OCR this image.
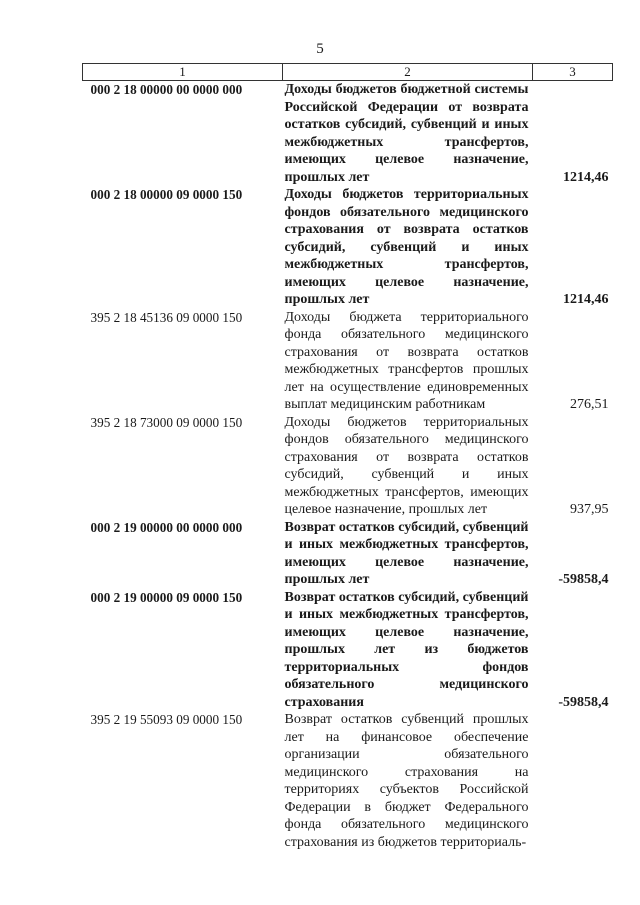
5
1	2	3
000 2 18 00000 00 0000 000	Доходы бюджетов бюджетной системы Российской Федерации от возврата остатков субсидий, субвенций и иных межбюджетных трансфертов, имеющих целевое назначение, прошлых лет	1214,46
000 2 18 00000 09 0000 150	Доходы бюджетов территориальных фондов обязательного медицинского страхования от возврата остатков субсидий, субвенций и иных межбюджетных трансфертов, имеющих целевое назначение, прошлых лет	1214,46
395 2 18 45136 09 0000 150	Доходы бюджета территориального фонда обязательного медицинского страхования от возврата остатков межбюджетных трансфертов прошлых лет на осуществление единовременных выплат медицинским работникам	276,51
395 2 18 73000 09 0000 150	Доходы бюджетов территориальных фондов обязательного медицинского страхования от возврата остатков субсидий, субвенций и иных межбюджетных трансфертов, имеющих целевое назначение, прошлых лет	937,95
000 2 19 00000 00 0000 000	Возврат остатков субсидий, субвенций и иных межбюджетных трансфертов, имеющих целевое назначение, прошлых лет	-59858,4
000 2 19 00000 09 0000 150	Возврат остатков субсидий, субвенций и иных межбюджетных трансфертов, имеющих целевое назначение, прошлых лет из бюджетов территориальных фондов обязательного медицинского страхования	-59858,4
395 2 19 55093 09 0000 150	Возврат остатков субвенций прошлых лет на финансовое обеспечение организации обязательного медицинского страхования на территориях субъектов Российской Федерации в бюджет Федерального фонда обязательного медицинского страхования из бюджетов территориаль-	
